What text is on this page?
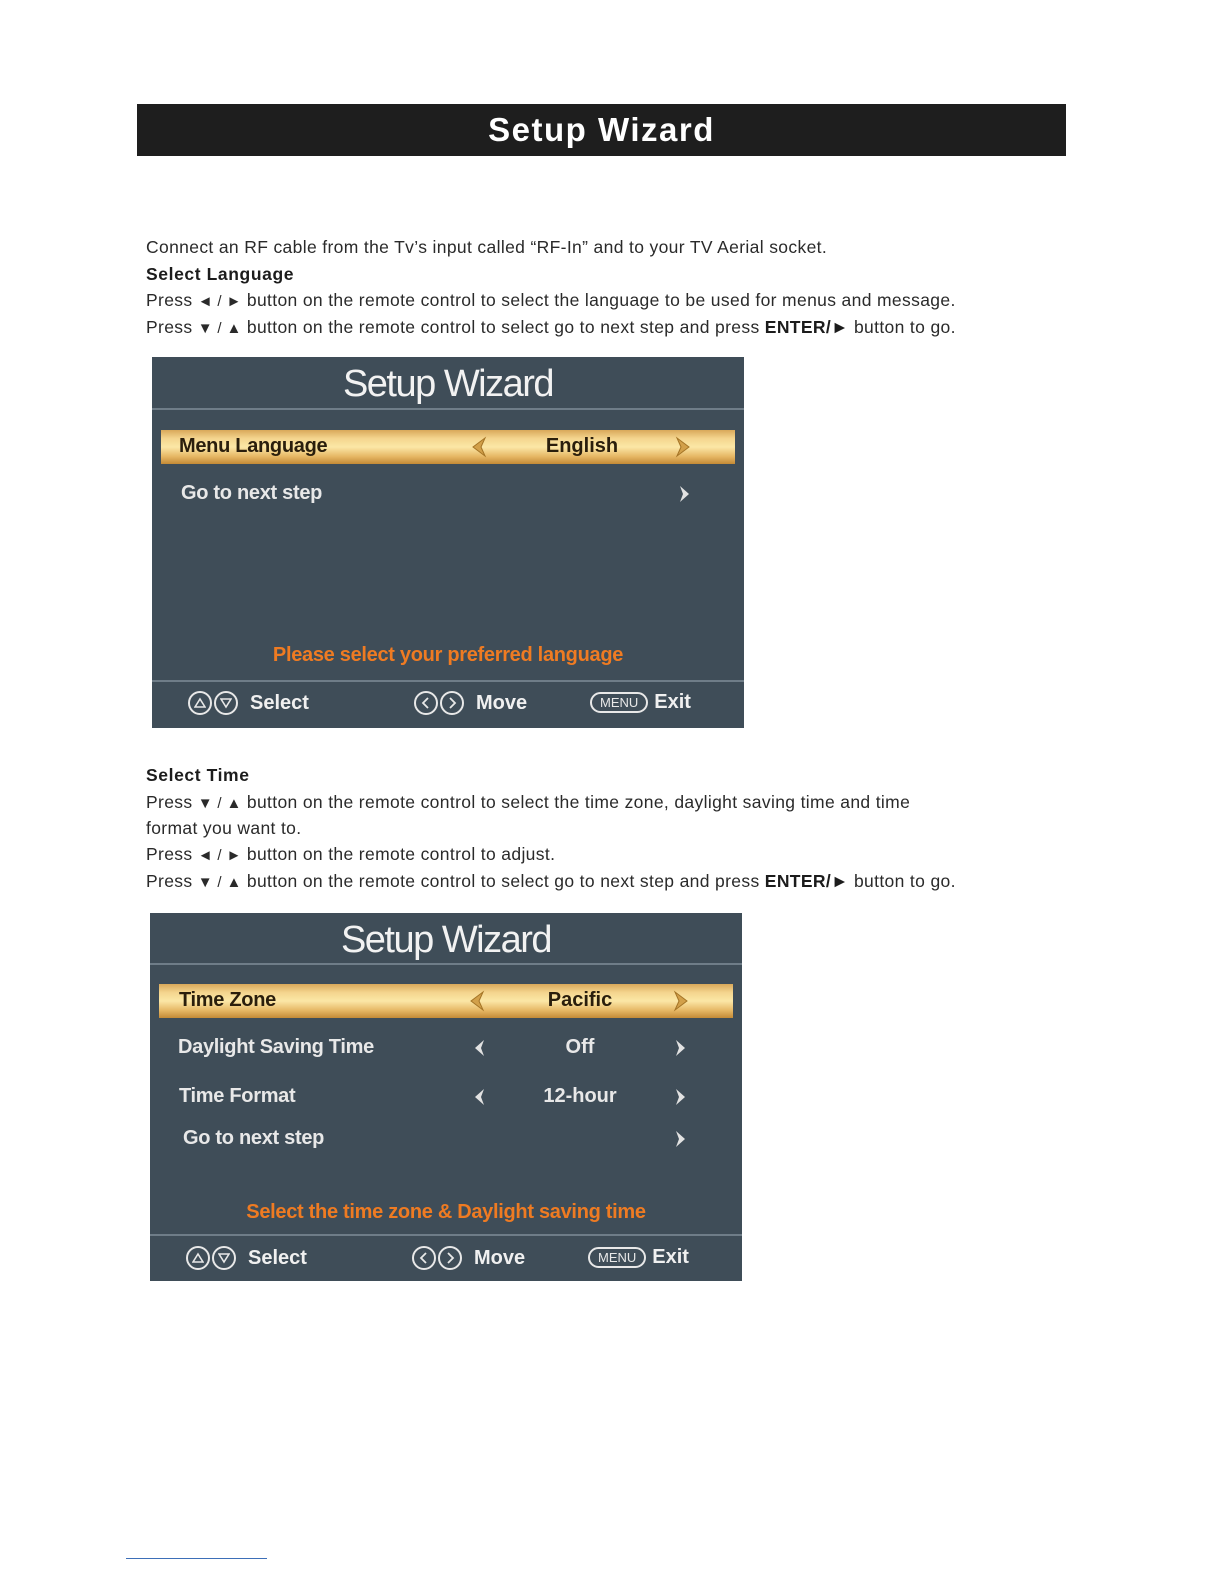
Setup Wizard
Connect an RF cable from the Tv’s input called “RF-In” and to your TV Aerial socket.
Select Language
Press ◄ / ► button on the remote control to select the language to be used for menus and message.
Press ▼ / ▲ button on the remote control to select go to next step and press ENTER/► button to go.
Setup Wizard
Menu Language	English
Go to next step
Please select your preferred language
Select	Move	MENU Exit
Select Time
Press ▼ / ▲ button on the remote control to select the time zone, daylight saving time and time
format you want to.
Press ◄ / ► button on the remote control to adjust.
Press ▼ / ▲ button on the remote control to select go to next step and press ENTER/► button to go.
Setup Wizard
Time Zone	Pacific
Daylight Saving Time	Off
Time Format	12-hour
Go to next step
Select the time zone & Daylight saving time
Select	Move	MENU Exit
